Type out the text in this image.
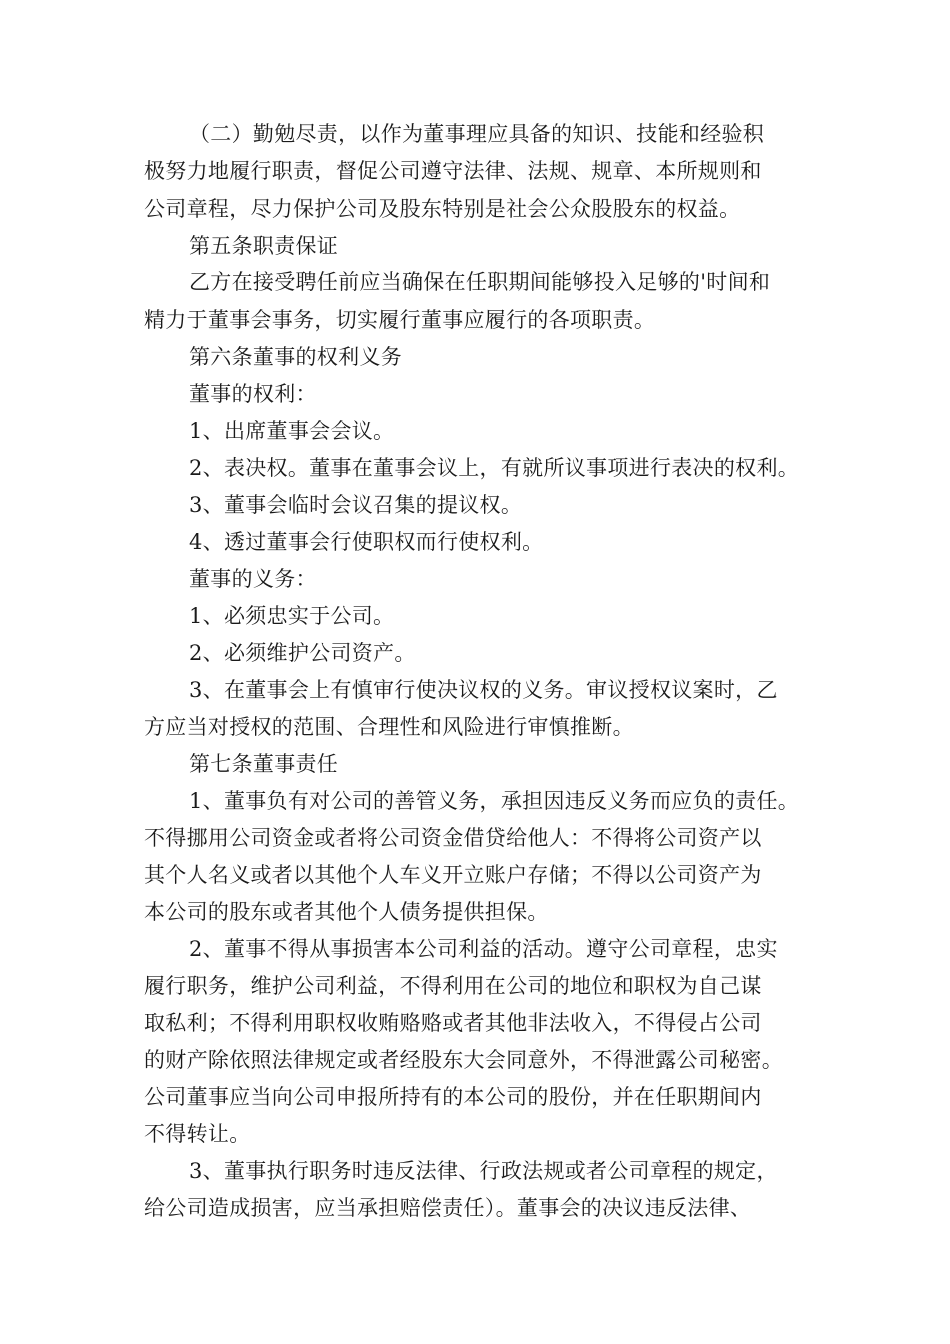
（二）勤勉尽责，以作为董事理应具备的知识、技能和经验积
极努力地履行职责，督促公司遵守法律、法规、规章、本所规则和
公司章程，尽力保护公司及股东特别是社会公众股股东的权益。
第五条职责保证
乙方在接受聘任前应当确保在任职期间能够投入足够的'时间和
精力于董事会事务，切实履行董事应履行的各项职责。
第六条董事的权利义务
董事的权利：
1、出席董事会会议。
2、表决权。董事在董事会议上，有就所议事项进行表决的权利。
3、董事会临时会议召集的提议权。
4、透过董事会行使职权而行使权利。
董事的义务：
1、必须忠实于公司。
2、必须维护公司资产。
3、在董事会上有慎审行使决议权的义务。审议授权议案时，乙
方应当对授权的范围、合理性和风险进行审慎推断。
第七条董事责任
1、董事负有对公司的善管义务，承担因违反义务而应负的责任。
不得挪用公司资金或者将公司资金借贷给他人：不得将公司资产以
其个人名义或者以其他个人车义开立账户存储；不得以公司资产为
本公司的股东或者其他个人债务提供担保。
2、董事不得从事损害本公司利益的活动。遵守公司章程，忠实
履行职务，维护公司利益，不得利用在公司的地位和职权为自己谋
取私利；不得利用职权收贿赂赂或者其他非法收入，不得侵占公司
的财产除依照法律规定或者经股东大会同意外，不得泄露公司秘密。
公司董事应当向公司申报所持有的本公司的股份，并在任职期间内
不得转让。
3、董事执行职务时违反法律、行政法规或者公司章程的规定，
给公司造成损害，应当承担赔偿责任）。董事会的决议违反法律、
